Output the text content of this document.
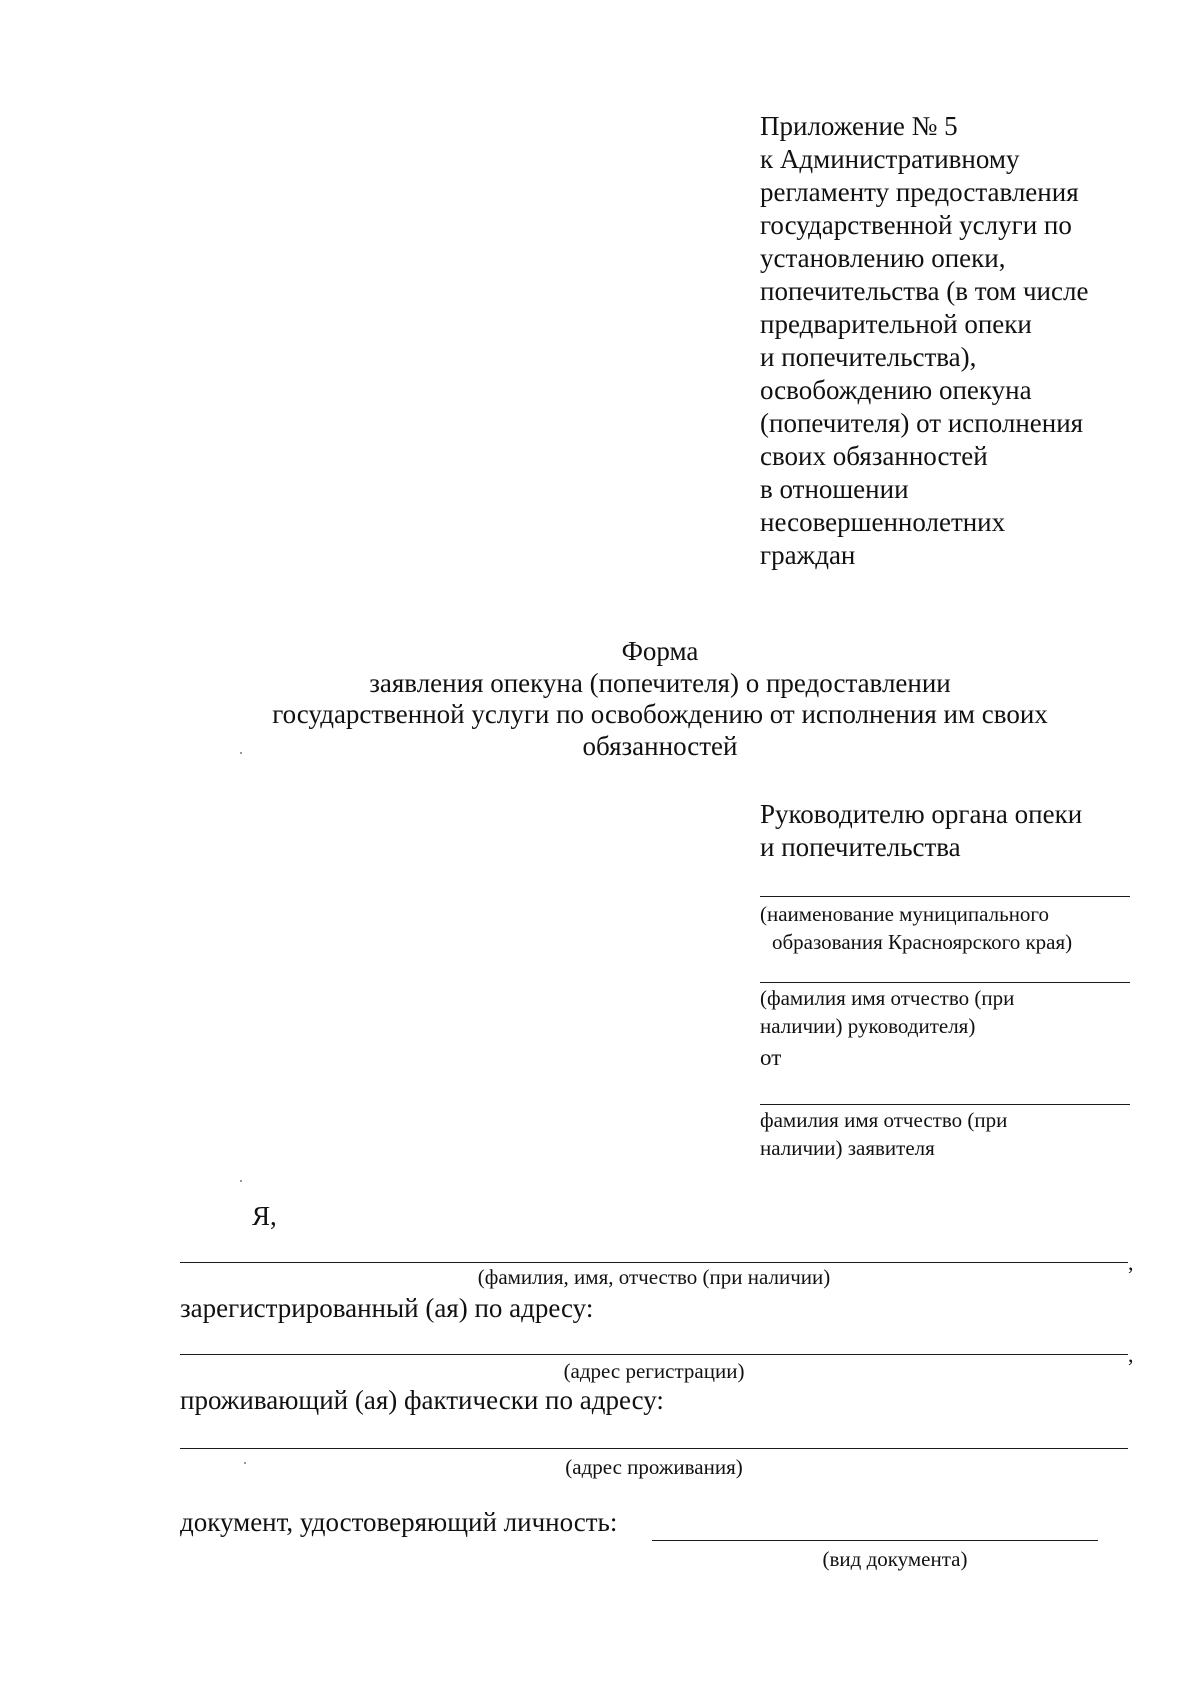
Приложение № 5
к Административному
регламенту предоставления
государственной услуги по
установлению опеки,
попечительства (в том числе
предварительной опеки
и попечительства),
освобождению опекуна
(попечителя) от исполнения
своих обязанностей
в отношении
несовершеннолетних
граждан
Форма
заявления опекуна (попечителя) о предоставлении
государственной услуги по освобождению от исполнения им своих
обязанностей
Руководителю органа опеки
и попечительства
(наименование муниципального
образования Красноярского края)
(фамилия имя отчество (при
наличии) руководителя)
от
фамилия имя отчество (при
наличии) заявителя
Я,
,
(фамилия, имя, отчество (при наличии)
зарегистрированный (ая) по адресу:
,
(адрес регистрации)
проживающий (ая) фактически по адресу:
(адрес проживания)
документ, удостоверяющий личность:
(вид документа)
